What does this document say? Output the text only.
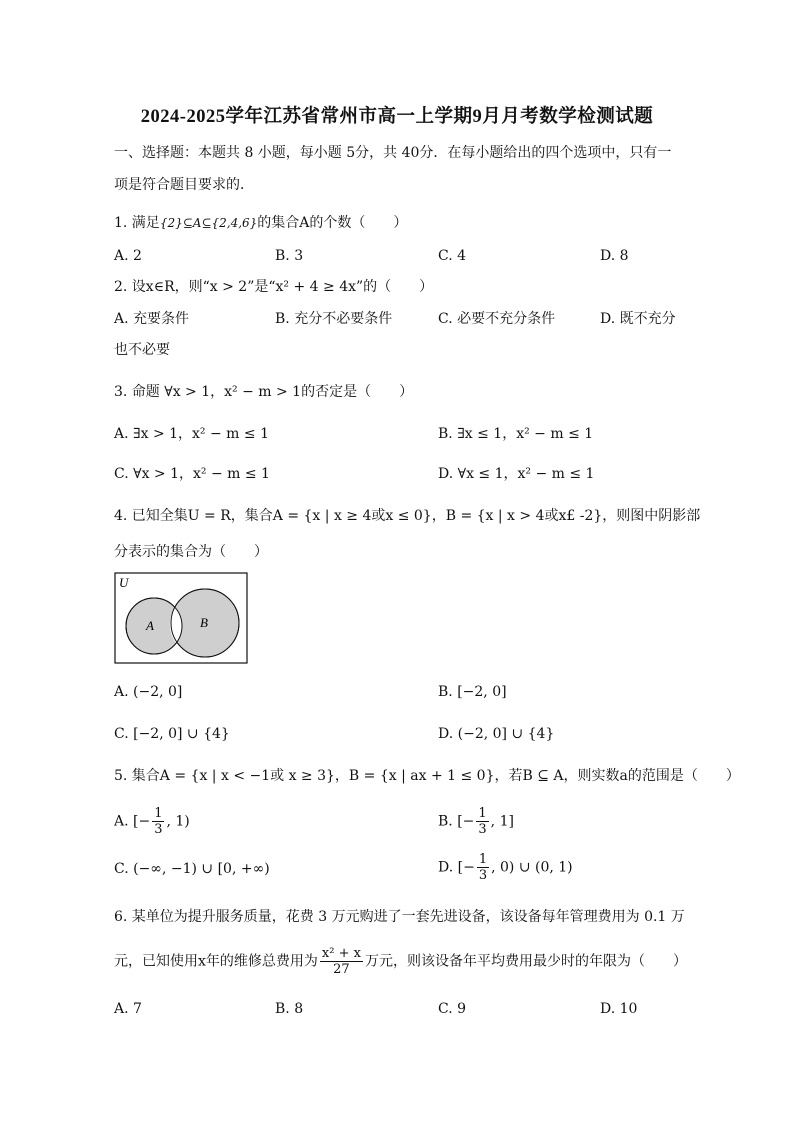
2024-2025学年江苏省常州市高一上学期9月月考数学检测试题
一、选择题：本题共 8 小题，每小题 5分，共 40分．在每小题给出的四个选项中，只有一
项是符合题目要求的．
1. 满足{2}⊆A⊆{2,4,6}的集合A的个数（　　）
A. 2	B. 3	C. 4	D. 8
2. 设x∈R，则“x > 2”是“x² + 4 ≥ 4x”的（　　）
A. 充要条件	B. 充分不必要条件	C. 必要不充分条件	D. 既不充分
也不必要
3. 命题 ∀x > 1，x² − m > 1的否定是（　　）
A. ∃x > 1，x² − m ≤ 1	B. ∃x ≤ 1，x² − m ≤ 1
C. ∀x > 1，x² − m ≤ 1	D. ∀x ≤ 1，x² − m ≤ 1
4. 已知全集U = R，集合A = {x | x ≥ 4或x ≤ 0}，B = {x | x > 4或x£ -2}，则图中阴影部
分表示的集合为（　　）
U
A	B
A. (−2, 0]	B. [−2, 0]
C. [−2, 0] ∪ {4}	D. (−2, 0] ∪ {4}
5. 集合A = {x | x < −1或 x ≥ 3}，B = {x | ax + 1 ≤ 0}，若B ⊆ A，则实数a的范围是（　　）
A. [− $\frac{1}{3}$ , 1)	B. [− $\frac{1}{3}$ , 1]
C. (−∞, −1) ∪ [0, +∞)	D. [− $\frac{1}{3}$ , 0) ∪ (0, 1)
6. 某单位为提升服务质量，花费 3 万元购进了一套先进设备，该设备每年管理费用为 0.1 万
元，已知使用x年的维修总费用为 $\frac{\text{x² + x}}{27}$ 万元，则该设备年平均费用最少时的年限为（　　）
A. 7	B. 8	C. 9	D. 10
